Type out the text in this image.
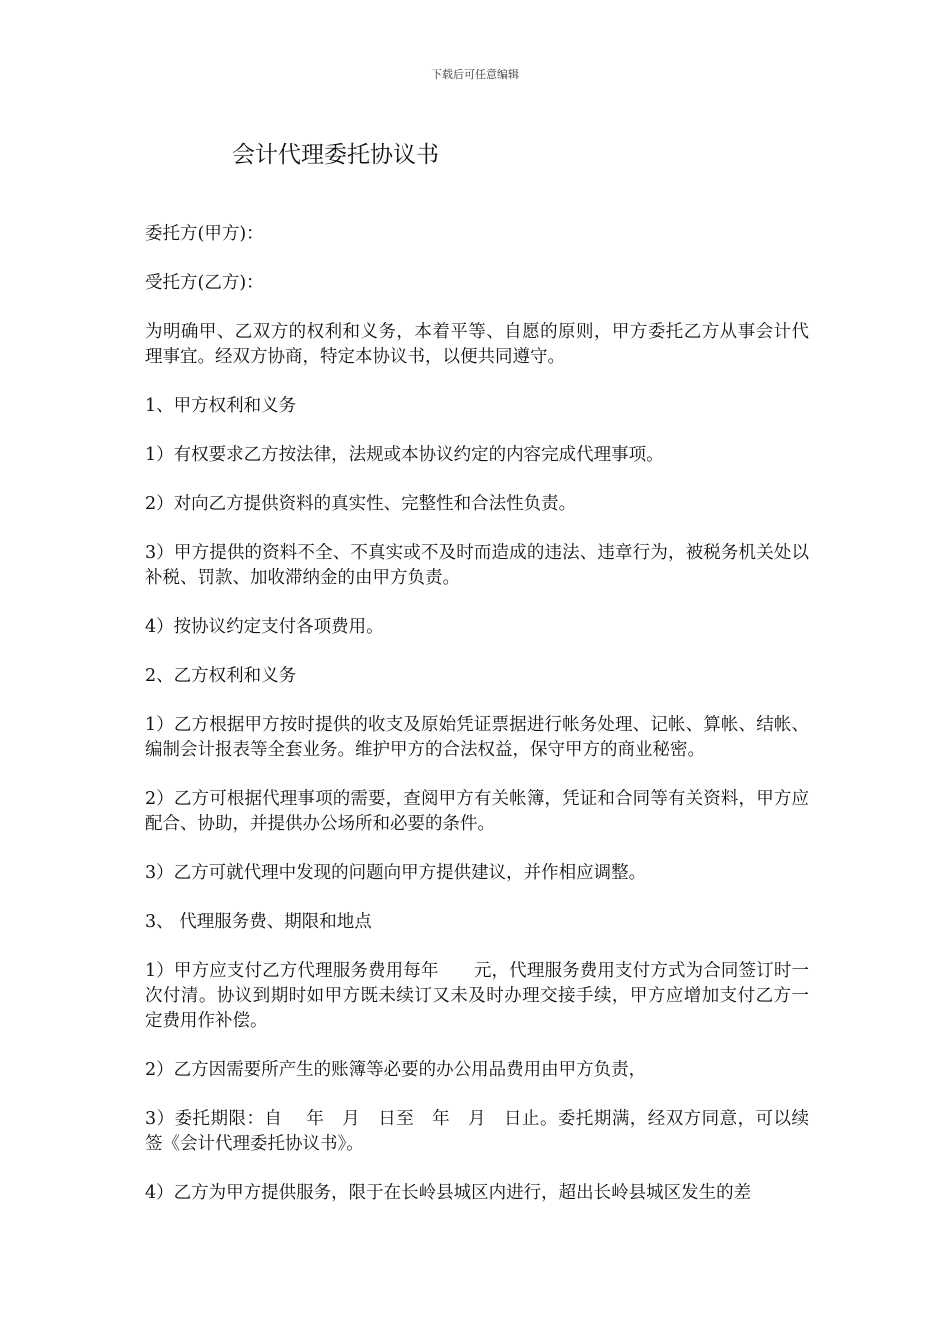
下载后可任意编辑
会计代理委托协议书

委托方(甲方)：

受托方(乙方)：

为明确甲、乙双方的权利和义务，本着平等、自愿的原则，甲方委托乙方从事会计代理事宜。经双方协商，特定本协议书，以便共同遵守。

1、甲方权利和义务

1）有权要求乙方按法律，法规或本协议约定的内容完成代理事项。

2）对向乙方提供资料的真实性、完整性和合法性负责。

3）甲方提供的资料不全、不真实或不及时而造成的违法、违章行为，被税务机关处以补税、罚款、加收滞纳金的由甲方负责。

4）按协议约定支付各项费用。

2、乙方权利和义务

1）乙方根据甲方按时提供的收支及原始凭证票据进行帐务处理、记帐、算帐、结帐、编制会计报表等全套业务。维护甲方的合法权益，保守甲方的商业秘密。

2）乙方可根据代理事项的需要，查阅甲方有关帐簿，凭证和合同等有关资料，甲方应配合、协助，并提供办公场所和必要的条件。

3）乙方可就代理中发现的问题向甲方提供建议，并作相应调整。

3、 代理服务费、期限和地点

1）甲方应支付乙方代理服务费用每年　　元，代理服务费用支付方式为合同签订时一次付清。协议到期时如甲方既未续订又未及时办理交接手续，甲方应增加支付乙方一定费用作补偿。

2）乙方因需要所产生的账簿等必要的办公用品费用由甲方负责，

3）委托期限：自　 年　月　日至　年　月　日止。委托期满，经双方同意，可以续签《会计代理委托协议书》。

4）乙方为甲方提供服务，限于在长岭县城区内进行，超出长岭县城区发生的差
